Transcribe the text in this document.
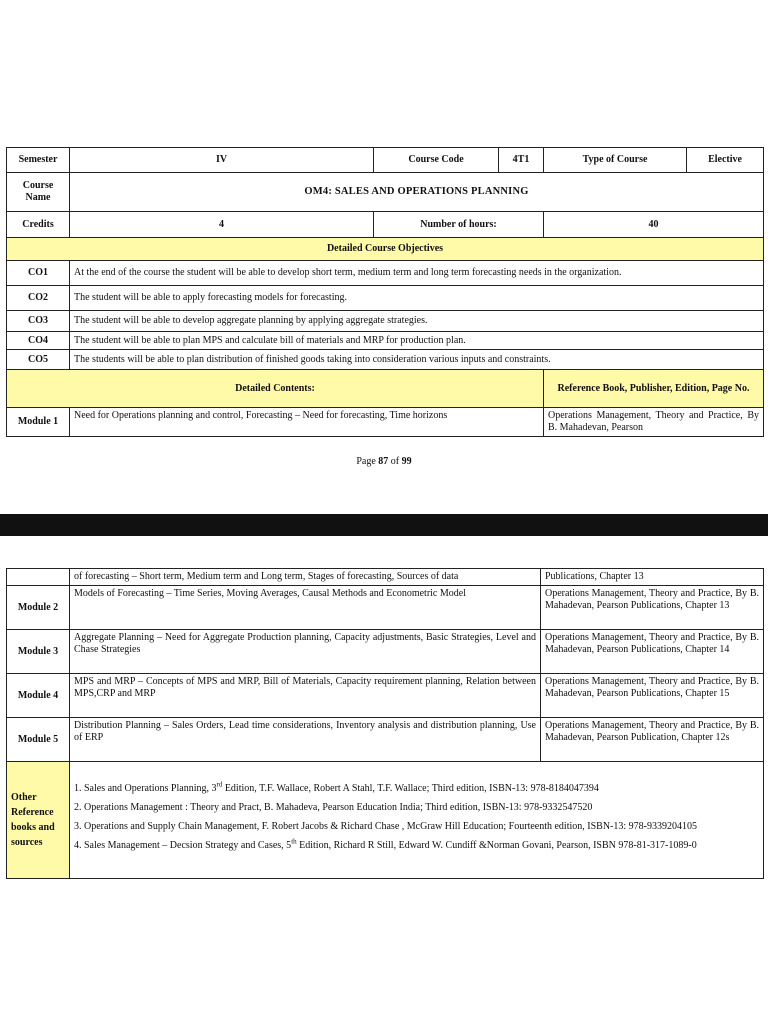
Semester	IV	Course Code	4T1	Type of Course	Elective
Course Name	OM4: SALES AND OPERATIONS PLANNING				
Credits	4	Number of hours:		40	
Detailed Course Objectives					
CO1	At the end of the course the student will be able to develop short term, medium term and long term forecasting needs in the organization.				
CO2	The student will be able to apply forecasting models for forecasting.				
CO3	The student will be able to develop aggregate planning by applying aggregate strategies.				
CO4	The student will be able to plan MPS and calculate bill of materials and MRP for production plan.				
CO5	The students will be able to plan distribution of finished goods taking into consideration various inputs and constraints.				
Detailed Contents:				Reference Book, Publisher, Edition, Page No.	
Module 1	Need for Operations planning and control, Forecasting – Need for forecasting, Time horizons			Operations Management, Theory and Practice, By B. Mahadevan, Pearson	
Page 87 of 99
	of forecasting – Short term, Medium term and Long term, Stages of forecasting, Sources of data	Publications, Chapter 13
Module 2	Models of Forecasting – Time Series, Moving Averages, Causal Methods and Econometric Model	Operations Management, Theory and Practice, By B. Mahadevan, Pearson Publications, Chapter 13
Module 3	Aggregate Planning – Need for Aggregate Production planning, Capacity adjustments, Basic Strategies, Level and Chase Strategies	Operations Management, Theory and Practice, By B. Mahadevan, Pearson Publications, Chapter 14
Module 4	MPS and MRP – Concepts of MPS and MRP, Bill of Materials, Capacity requirement planning, Relation between MPS,CRP and MRP	Operations Management, Theory and Practice, By B. Mahadevan, Pearson Publications, Chapter 15
Module 5	Distribution Planning – Sales Orders, Lead time considerations, Inventory analysis and distribution planning, Use of ERP	Operations Management, Theory and Practice, By B. Mahadevan, Pearson Publication, Chapter 12s
Other Reference books and sources	1. Sales and Operations Planning, 3rd Edition, T.F. Wallace, Robert A Stahl, T.F. Wallace; Third edition, ISBN-13: 978-8184047394

2. Operations Management : Theory and Pract, B. Mahadeva, Pearson Education India; Third edition, ISBN-13: 978-9332547520

3. Operations and Supply Chain Management, F. Robert Jacobs & Richard Chase , McGraw Hill Education; Fourteenth edition, ISBN-13: 978-9339204105

4. Sales Management – Decsion Strategy and Cases, 5th Edition, Richard R Still, Edward W. Cundiff &Norman Govani, Pearson, ISBN 978-81-317-1089-0	
